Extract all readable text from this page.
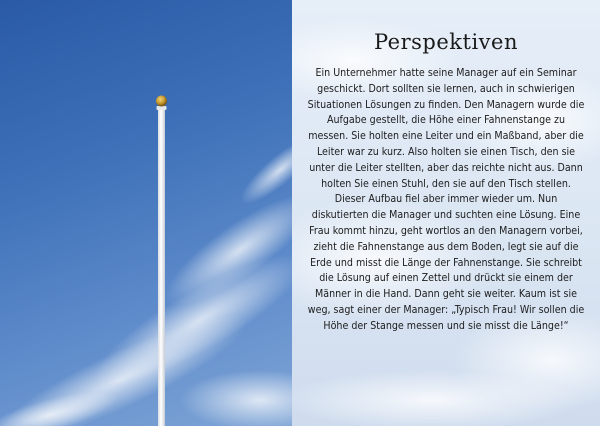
Perspektiven

Ein Unternehmer hatte seine Manager auf ein Seminar geschickt. Dort sollten sie lernen, auch in schwierigen Situationen Lösungen zu finden. Den Managern wurde die Aufgabe gestellt, die Höhe einer Fahnenstange zu messen. Sie holten eine Leiter und ein Maßband, aber die Leiter war zu kurz. Also holten sie einen Tisch, den sie unter die Leiter stellten, aber das reichte nicht aus. Dann holten Sie einen Stuhl, den sie auf den Tisch stellen. Dieser Aufbau fiel aber immer wieder um. Nun diskutierten die Manager und suchten eine Lösung. Eine Frau kommt hinzu, geht wortlos an den Managern vorbei, zieht die Fahnenstange aus dem Boden, legt sie auf die Erde und misst die Länge der Fahnenstange. Sie schreibt die Lösung auf einen Zettel und drückt sie einem der Männer in die Hand. Dann geht sie weiter. Kaum ist sie weg, sagt einer der Manager: „Typisch Frau! Wir sollen die Höhe der Stange messen und sie misst die Länge!“
